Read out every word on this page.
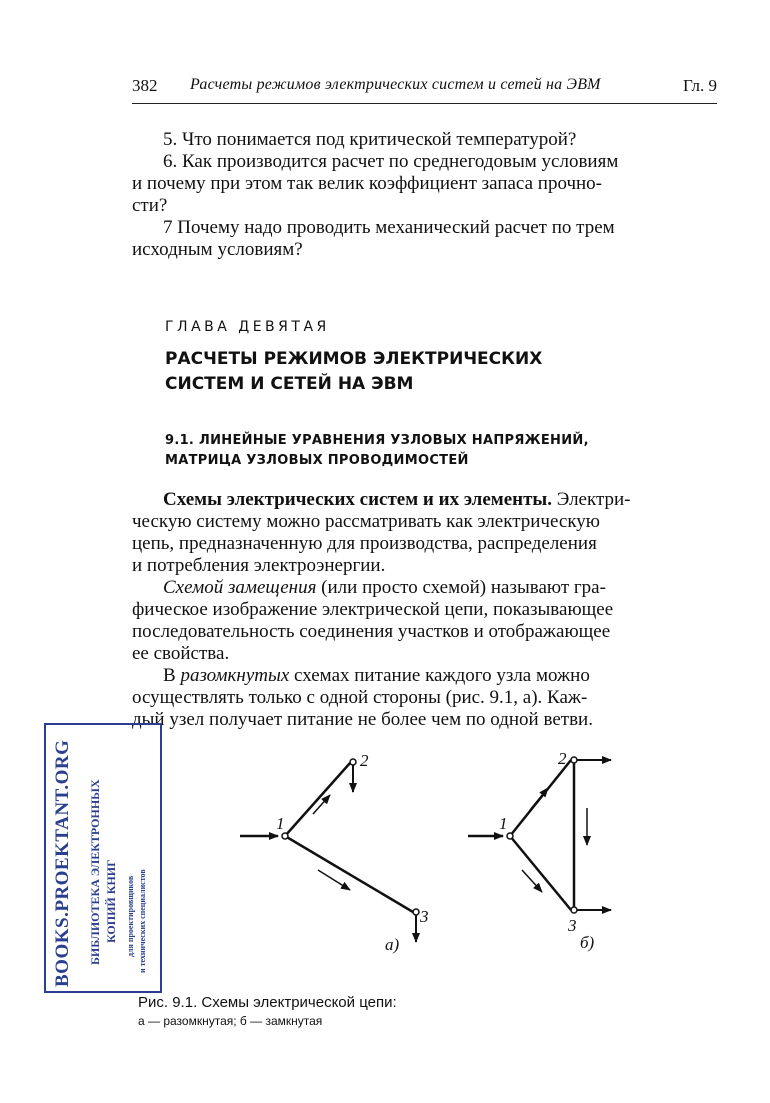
382 Расчеты режимов электрических систем и сетей на ЭВМ	Гл. 9
5. Что понимается под критической температурой?
6. Как производится расчет по среднегодовым условиям
и почему при этом так велик коэффициент запаса прочно-
сти?
7 Почему надо проводить механический расчет по трем
исходным условиям?
ГЛАВА ДЕВЯТАЯ
РАСЧЕТЫ РЕЖИМОВ ЭЛЕКТРИЧЕСКИХ
СИСТЕМ И СЕТЕЙ НА ЭВМ
9.1. ЛИНЕЙНЫЕ УРАВНЕНИЯ УЗЛОВЫХ НАПРЯЖЕНИЙ,
МАТРИЦА УЗЛОВЫХ ПРОВОДИМОСТЕЙ
Схемы электрических систем и их элементы. Электри-
ческую систему можно рассматривать как электрическую
цепь, предназначенную для производства, распределения
и потребления электроэнергии.
Схемой замещения (или просто схемой) называют гра-
фическое изображение электрической цепи, показывающее
последовательность соединения участков и отображающее
ее свойства.
В разомкнутых схемах питание каждого узла можно
осуществлять только с одной стороны (рис. 9.1, а). Каж-
дый узел получает питание не более чем по одной ветви.
BOOKS.PROEKTANT.ORG БИБЛИОТЕКА ЭЛЕКТРОННЫХ КОПИЙ КНИГ для проектировщиков и технических специалистов
1
2
3
а)
1
2
3
б)
Рис. 9.1. Схемы электрической цепи:
а — разомкнутая; б — замкнутая
